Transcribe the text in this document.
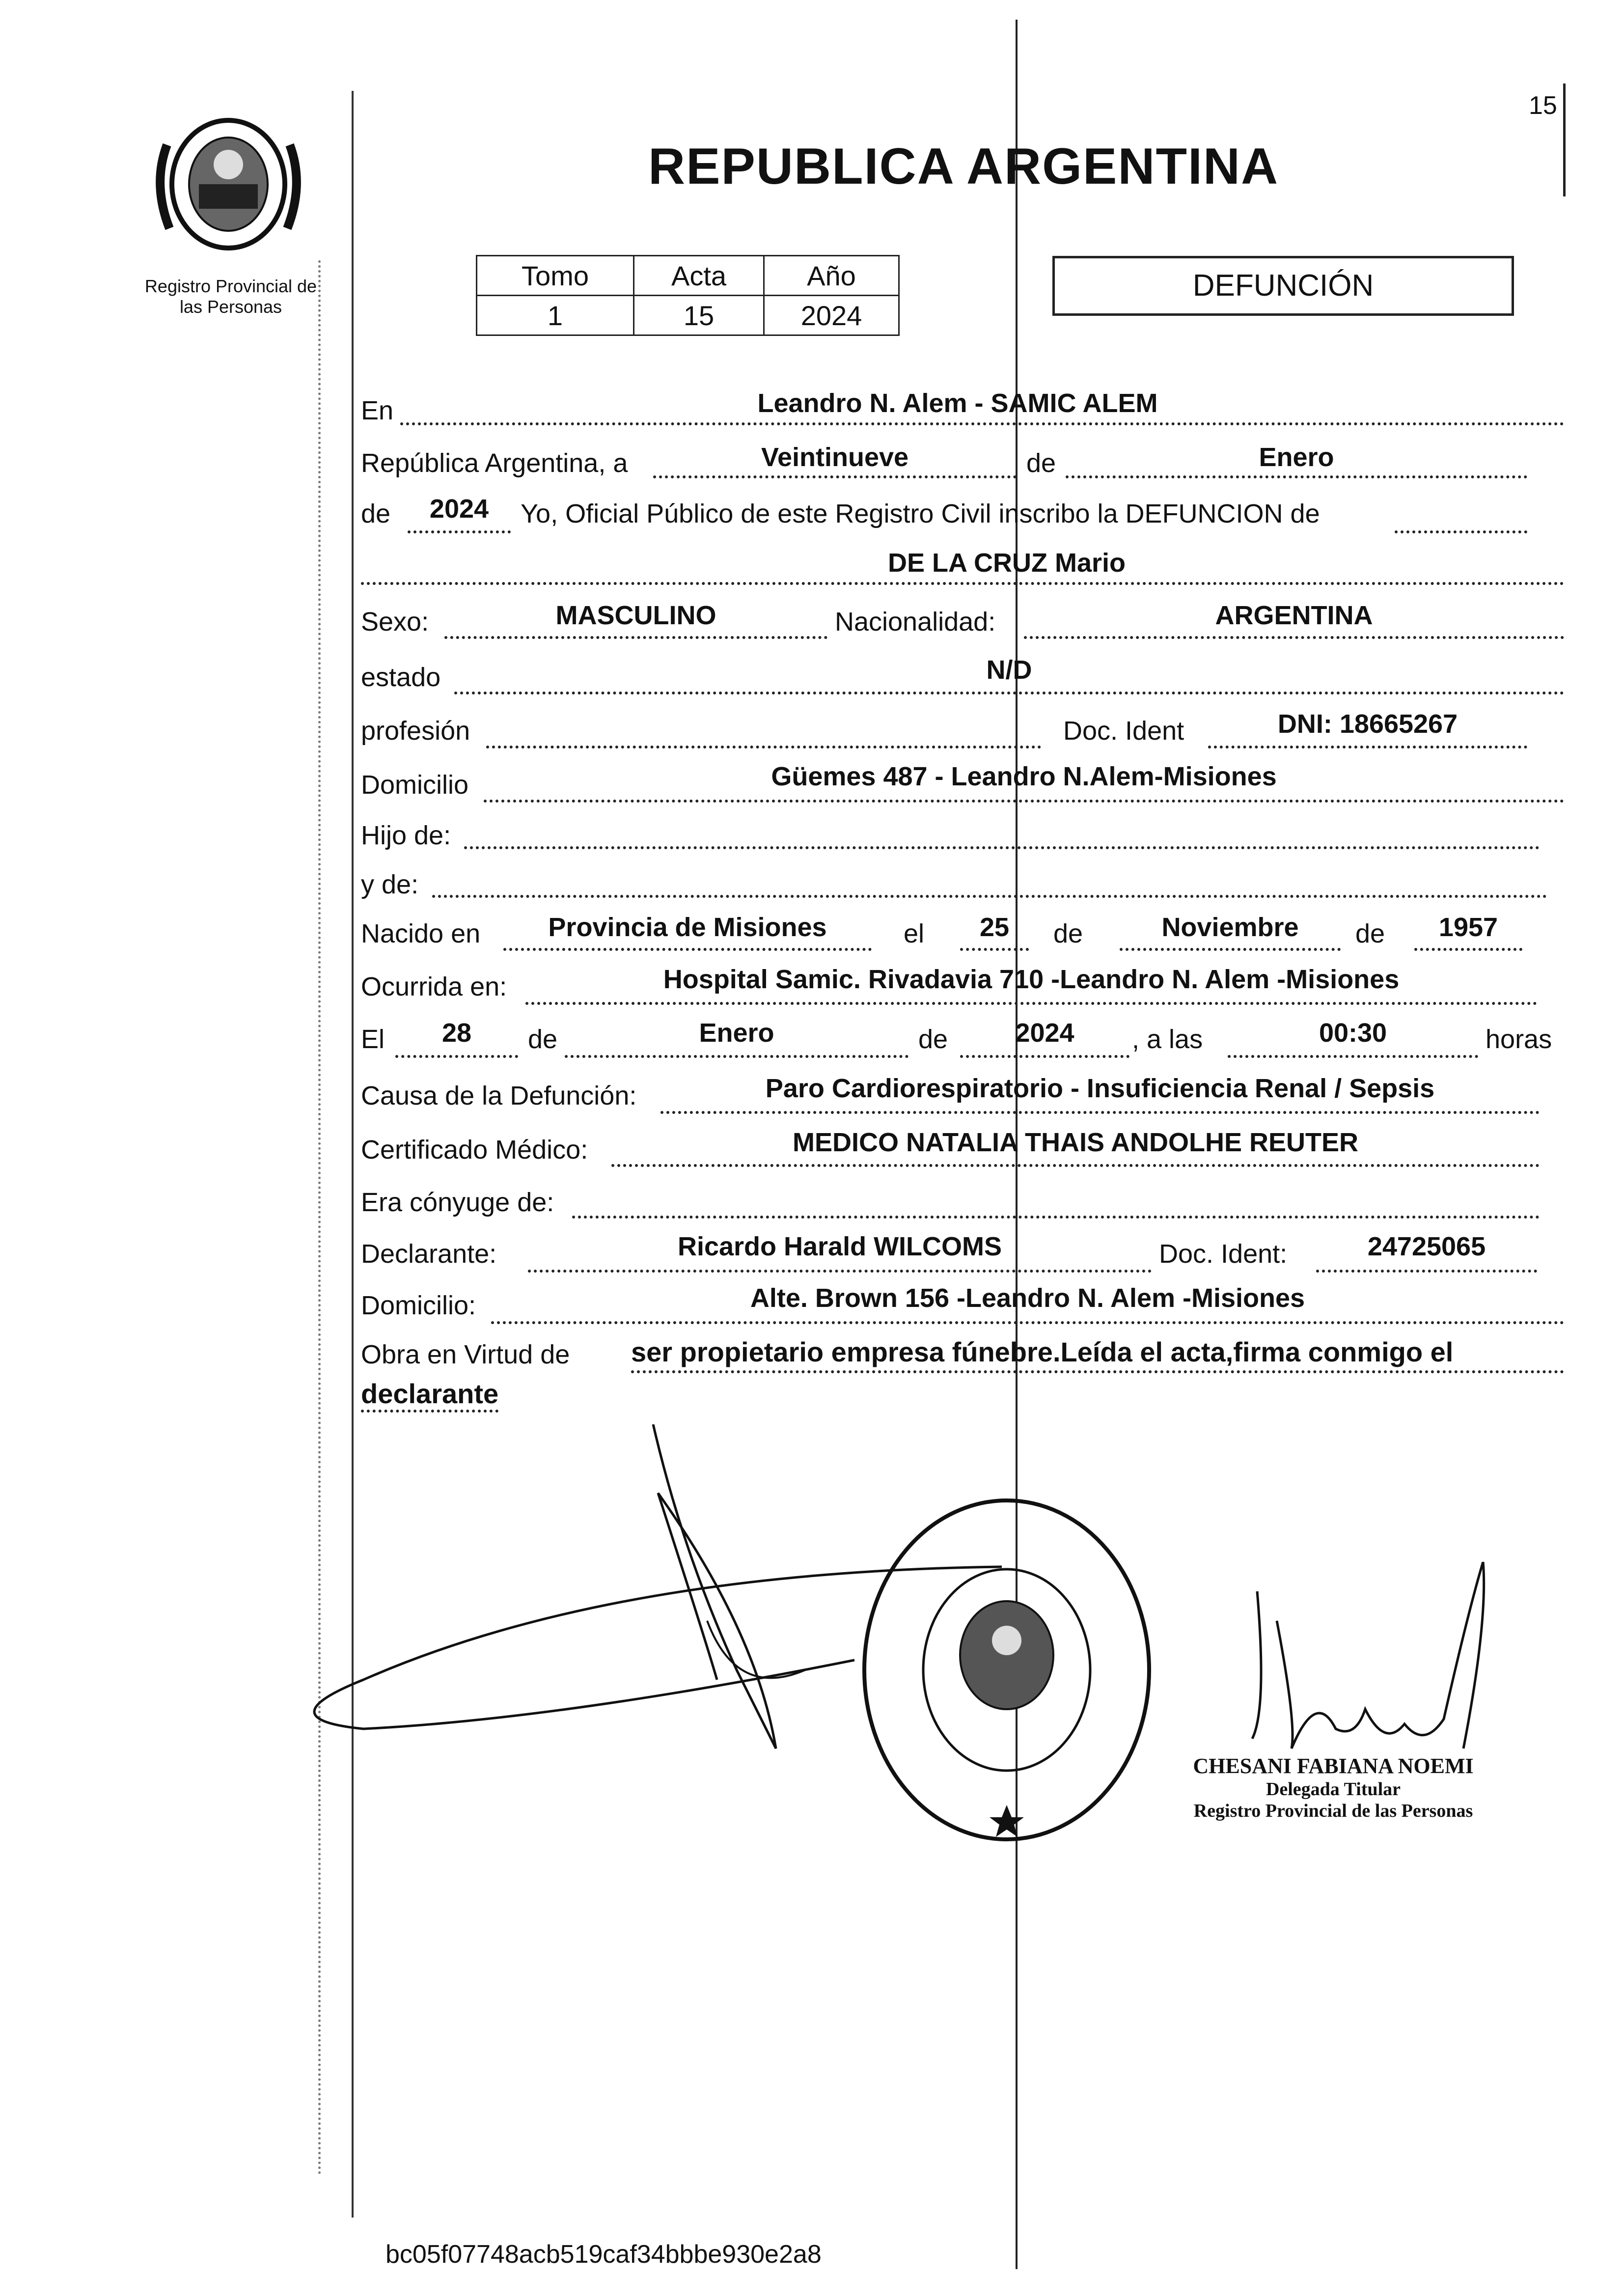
15
Registro Provincial de
las Personas
REPUBLICA ARGENTINA
Tomo	Acta	Año
1	15	2024
DEFUNCIÓN
En	Leandro N. Alem - SAMIC ALEM
República Argentina, a	Veintinueve	de	Enero
de	2024	Yo, Oficial Público de este Registro Civil inscribo la DEFUNCION de
DE LA CRUZ Mario
Sexo:	MASCULINO	Nacionalidad:	ARGENTINA
estado	N/D
profesión	Doc. Ident	DNI: 18665267
Domicilio	Güemes 487 - Leandro N.Alem-Misiones
Hijo de:
y de:
Nacido en	Provincia de Misiones	el	25	de	Noviembre	de	1957
Ocurrida en:	Hospital Samic. Rivadavia 710 -Leandro N. Alem -Misiones
El	28	de	Enero	de	2024	, a las	00:30	horas
Causa de la Defunción:	Paro Cardiorespiratorio - Insuficiencia Renal / Sepsis
Certificado Médico:	MEDICO NATALIA THAIS ANDOLHE REUTER
Era cónyuge de:
Declarante:	Ricardo Harald WILCOMS	Doc. Ident:	24725065
Domicilio:	Alte. Brown 156 -Leandro N. Alem -Misiones
Obra en Virtud de ser propietario empresa fúnebre.Leída el acta,firma conmigo el
declarante
CHESANI FABIANA NOEMI
Delegada Titular
Registro Provincial de las Personas
bc05f07748acb519caf34bbbe930e2a8
